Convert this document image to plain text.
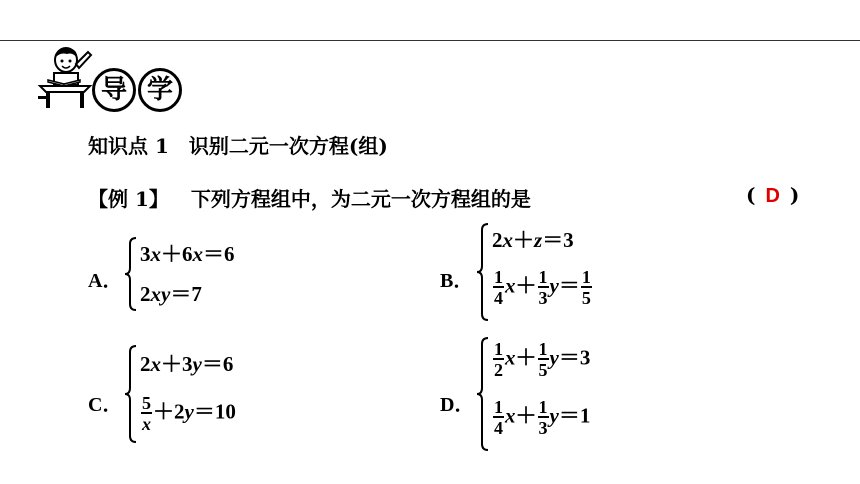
导 学
知识点 1　识别二元一次方程(组)
【例 1】 下列方程组中，为二元一次方程组的是	( D )
A．
3x＋6x＝6
2xy＝7
B．
2x＋z＝3
$\frac{1}{4} x+ \frac{1}{3} y= \frac{1}{5}$
C．
2x＋3y＝6
$\frac{5}{x} +2y=10$	D．
$\frac{1}{2} x+ \frac{1}{5} y=3$
$\frac{1}{4} x+ \frac{1}{3} y=1$
